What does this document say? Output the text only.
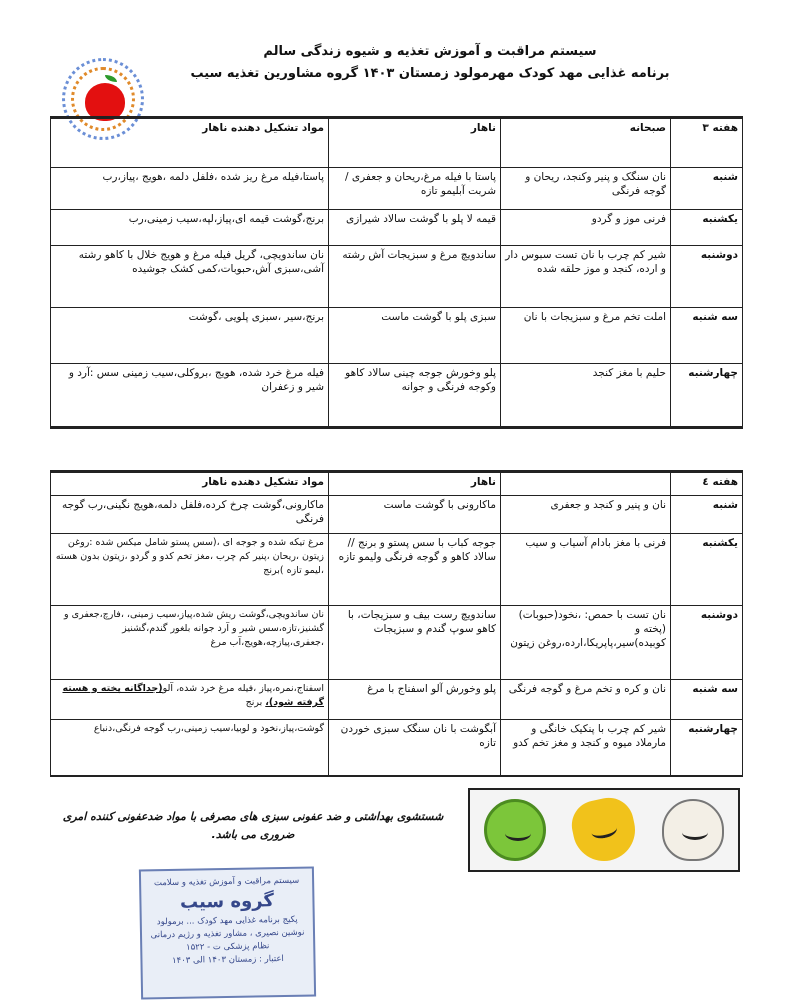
سیستم مراقبت و آموزش تغذیه و شیوه زندگی سالم
برنامه غذایی مهد کودک مهرمولود زمستان ۱۴۰۳ گروه مشاورین تغذیه سیب
هفته ۳	صبحانه	ناهار	مواد تشکیل دهنده ناهار
شنبه	نان سنگک و پنیر وکنجد، ریحان و گوجه فرنگی	پاستا با فیله مرغ،ریحان و جعفری / شربت آبلیمو تازه	پاستا،فیله مرغ ریز شده ،فلفل دلمه ،هویج ،پیاز،رب
یکشنبه	فرنی موز و گردو	قیمه لا پلو با گوشت سالاد شیرازی	برنج،گوشت قیمه ای،پیاز،لپه،سیب زمینی،رب
دوشنبه	شیر کم چرب با نان تست سبوس دار و ارده، کنجد و موز حلقه شده	ساندویچ مرغ و سبزیجات آش رشته	نان ساندویچی، گریل فیله مرغ و هویج خلال با کاهو رشته آشی،سبزی آش،حبوبات،کمی کشک جوشیده
سه شنبه	املت تخم مرغ و سبزیجات با نان	سبزی پلو با گوشت ماست	برنج،سیر ،سبزی پلویی ،گوشت
چهارشنبه	حلیم با مغز کنجد	پلو وخورش جوجه چینی سالاد کاهو وکوجه فرنگی و جوانه	فیله مرغ خرد شده، هویج ،بروکلی،سیب زمینی سس :آرد و شیر و زعفران
هفته ٤		ناهار	مواد تشکیل دهنده ناهار
شنبه	نان و پنیر و کنجد و جعفری	ماکارونی با گوشت ماست	ماکارونی،گوشت چرخ کرده،فلفل دلمه،هویج نگینی،رب گوجه فرنگی
یکشنبه	فرنی با مغز بادام آسیاب و سیب	جوجه کباب با سس پستو و برنج // سالاد کاهو و گوجه فرنگی ولیمو تازه	مرغ تیکه شده و جوجه ای ،(سس پستو شامل میکس شده :روغن زیتون ،ریحان ،پنیر کم چرب ،مغز تخم کدو و گردو ،زیتون بدون هسته ،لیمو تازه )برنج
دوشنبه	نان تست با حمص: ،نخود(حبوبات)(پخته و کوبیده)سیر،پاپریکا،ارده،روغن زیتون	ساندویچ رست بیف و سبزیجات، با کاهو سوپ گندم و سبزیجات	نان ساندویچی،گوشت ریش شده،پیاز،سیب زمینی، ،فارچ،جعفری و گشنیز،تازه،سس شیر و آرد جوانه بلغور گندم،گشنیز ،جعفری،پیازچه،هویج،آب مرغ
سه شنبه	نان و کره و تخم مرغ و گوجه فرنگی	پلو وخورش آلو اسفناج با مرغ	اسفناج،نمره،پیاز ،فیله مرغ خرد شده، آلو(جداگانه پخته و هسته گرفته شود)، برنج
چهارشنبه	شیر کم چرب با پنکیک خانگی و مارملاد میوه و کنجد و مغز تخم کدو	آبگوشت با نان سنگک سبزی خوردن تازه	گوشت،پیاز،نخود و لوبیا،سیب زمینی،رب گوجه فرنگی،دنباع
شستشوی بهداشتی و ضد عفونی سبزی های مصرفی با مواد ضدعفونی کننده امری ضروری می باشد.
سیستم مراقبت و آموزش تغذیه و سلامت
گروه سیب
پکیج برنامه غذایی مهد کودک ... برمولود
نوشین نصیری ، مشاور تغذیه و رژیم درمانی
نظام پزشکی ت - ۱۵۲۲
اعتبار : زمستان ۱۴۰۳ الی ۱۴۰۳
